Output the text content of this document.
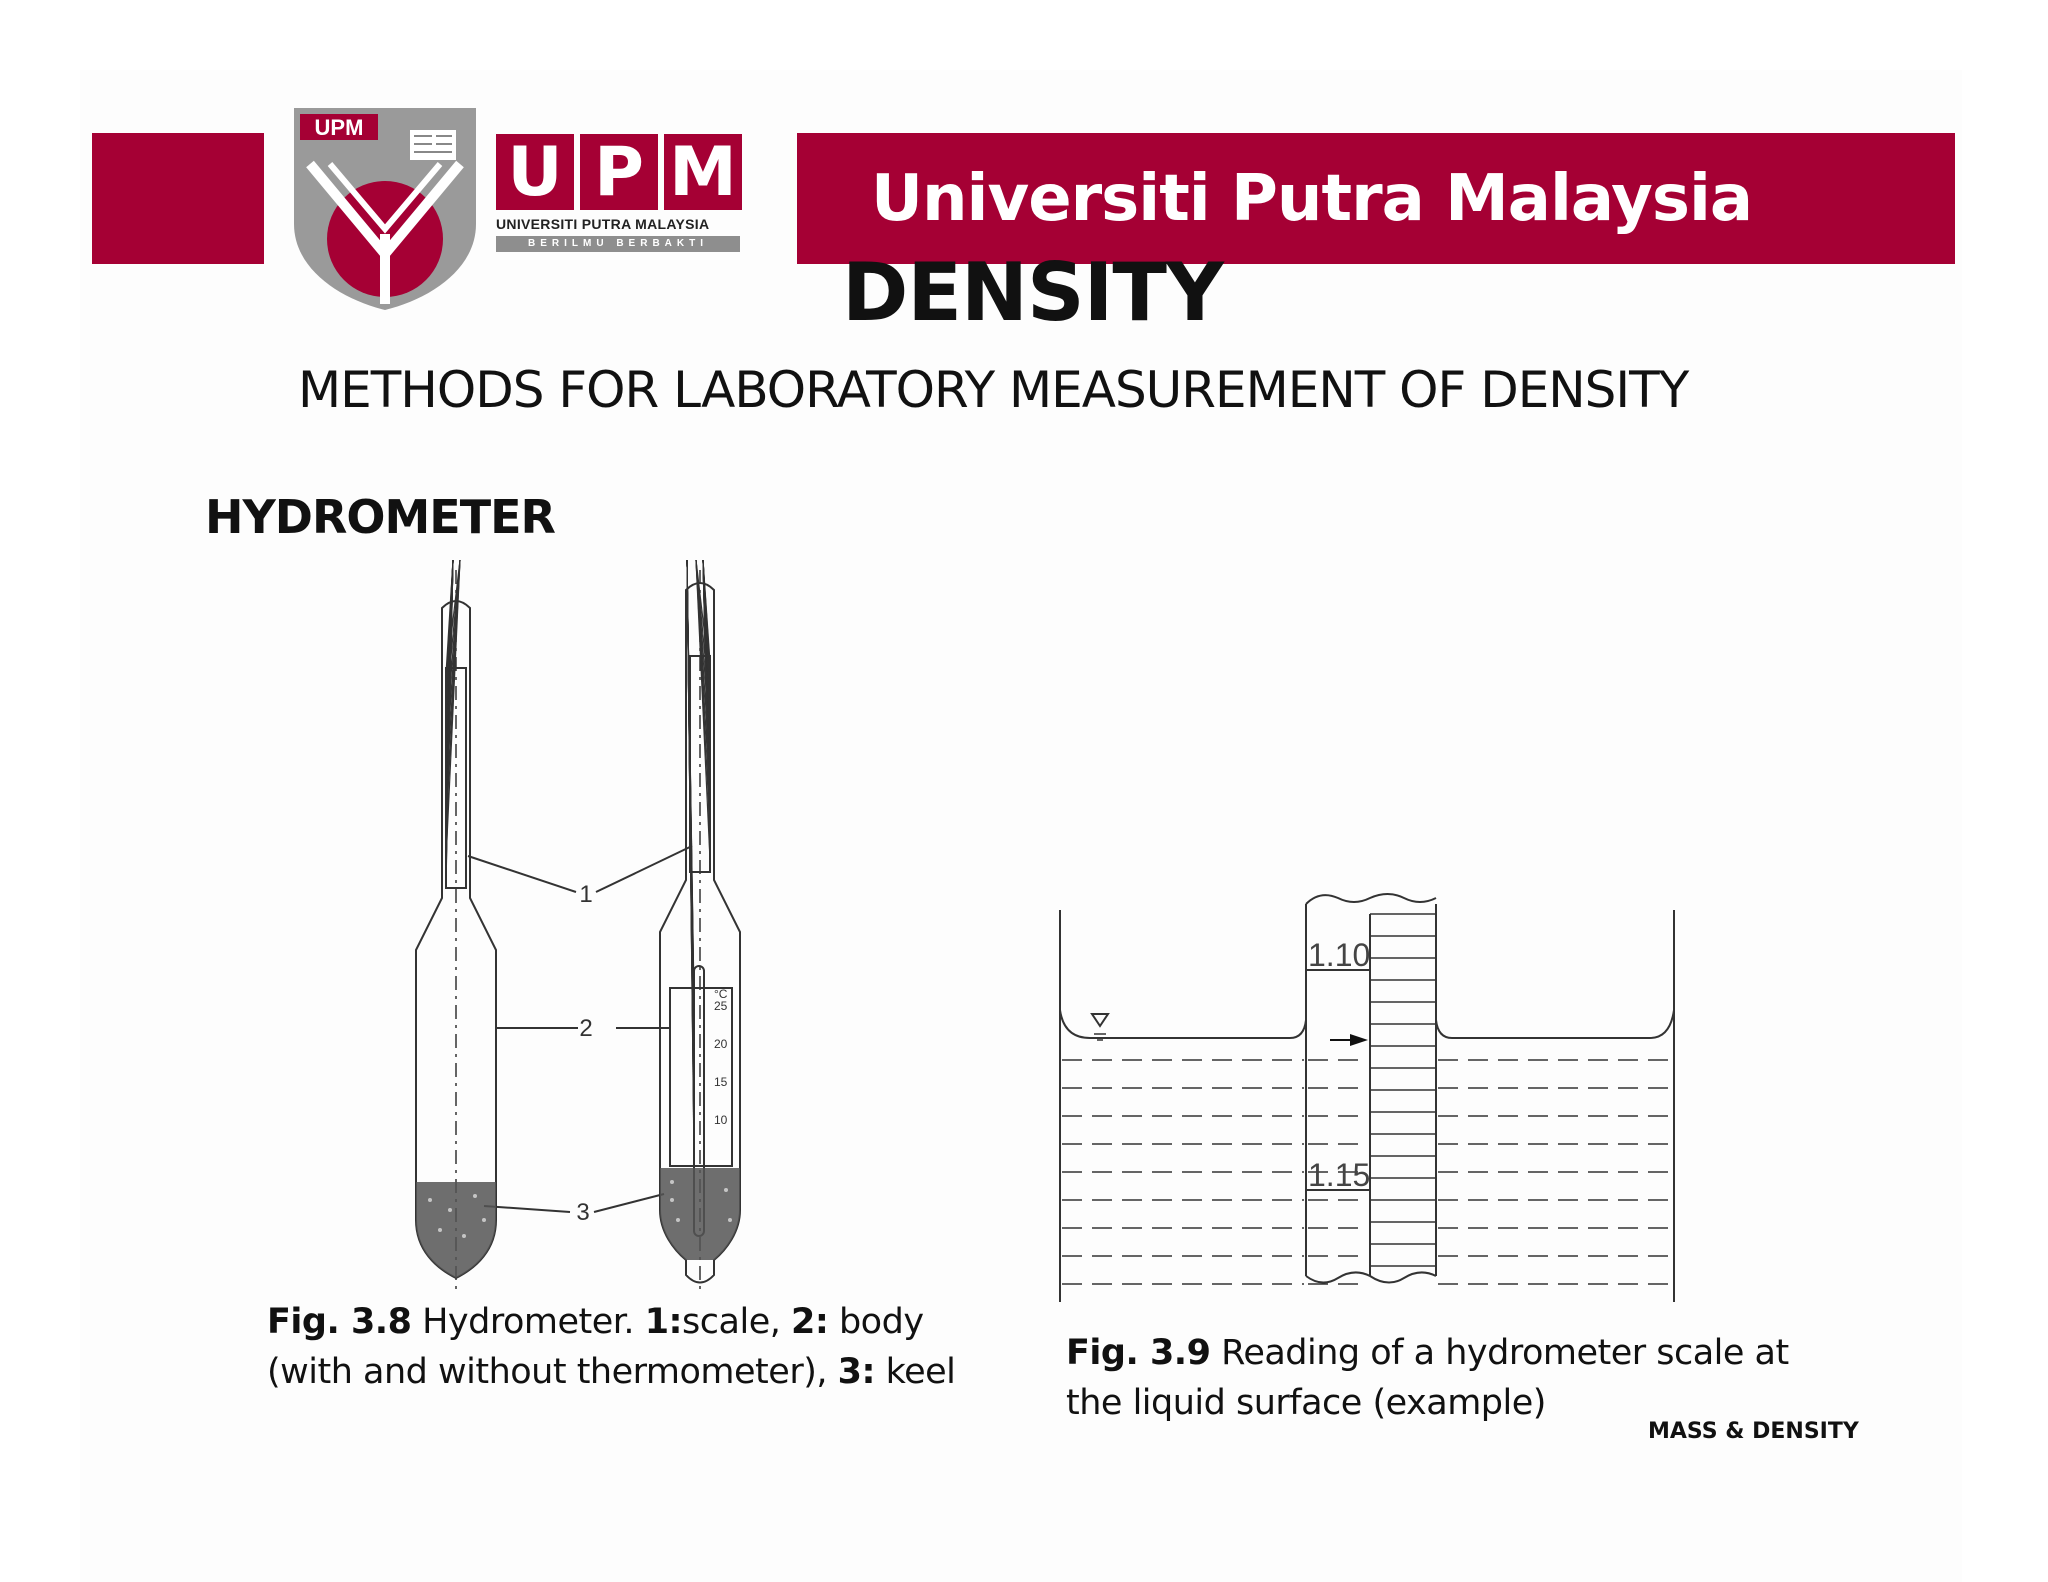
UPM
U P M
UNIVERSITI PUTRA MALAYSIA
BERILMU BERBAKTI
Universiti Putra Malaysia
DENSITY
METHODS FOR LABORATORY MEASUREMENT OF DENSITY
HYDROMETER
1
2
3
°C
25
20
15
10
1.10
1.15
Fig. 3.8 Hydrometer. 1:scale, 2: body
(with and without thermometer), 3: keel	Fig. 3.9 Reading of a hydrometer scale at
the liquid surface (example)
MASS & DENSITY
